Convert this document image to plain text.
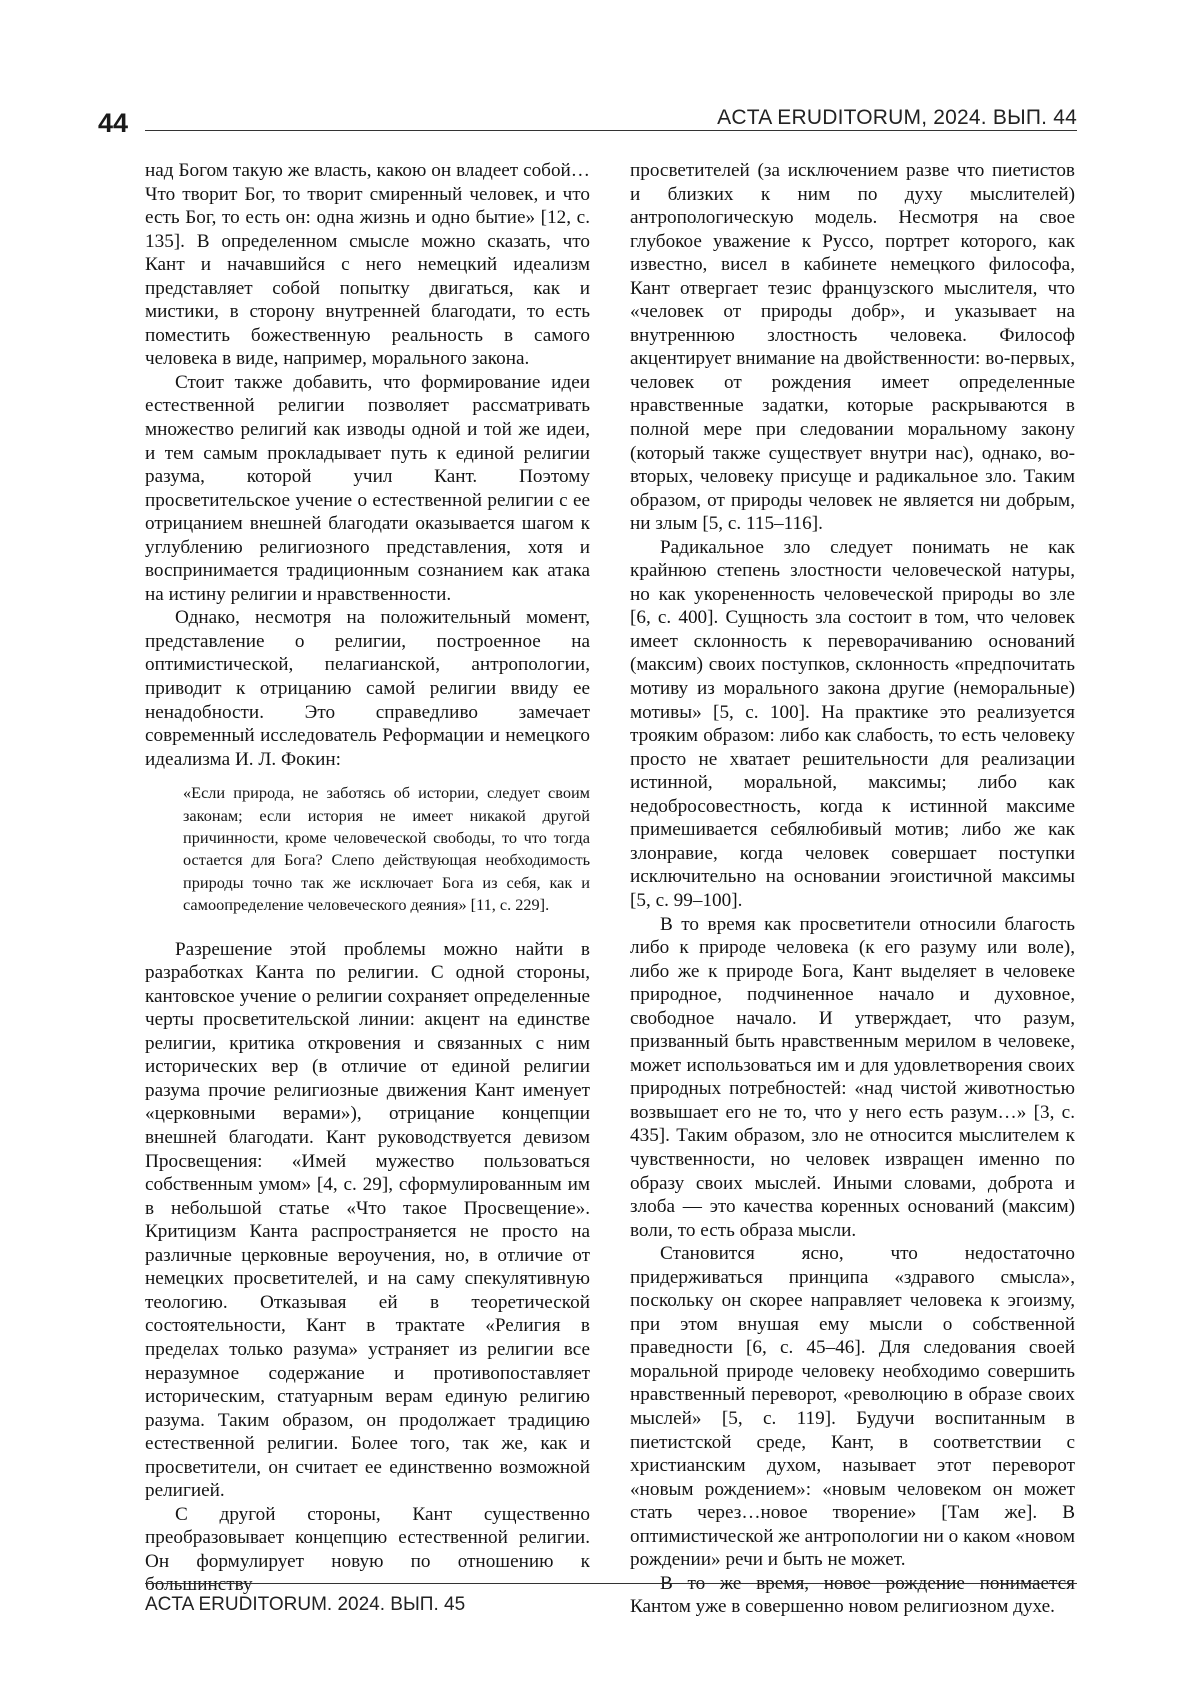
44	ACTA ERUDITORUM, 2024. ВЫП. 44

над Богом такую же власть, какою он владеет собой… Что творит Бог, то творит смиренный человек, и что есть Бог, то есть он: одна жизнь и одно бытие» [12, с. 135]. В определенном смысле можно сказать, что Кант и начавшийся с него немецкий идеализм представляет собой попытку двигаться, как и мистики, в сторону внутренней благодати, то есть поместить божественную реальность в самого человека в виде, например, морального закона.

Стоит также добавить, что формирование идеи естественной религии позволяет рассматривать множество религий как изводы одной и той же идеи, и тем самым прокладывает путь к единой религии разума, которой учил Кант. Поэтому просветительское учение о естественной религии с ее отрицанием внешней благодати оказывается шагом к углублению религиозного представления, хотя и воспринимается традиционным сознанием как атака на истину религии и нравственности.

Однако, несмотря на положительный момент, представление о религии, построенное на оптимистической, пелагианской, антропологии, приводит к отрицанию самой религии ввиду ее ненадобности. Это справедливо замечает современный исследователь Реформации и немецкого идеализма И. Л. Фокин:

«Если природа, не заботясь об истории, следует своим законам; если история не имеет никакой другой причинности, кроме человеческой свободы, то что тогда остается для Бога? Слепо действующая необходимость природы точно так же исключает Бога из себя, как и самоопределение человеческого деяния» [11, с. 229].

Разрешение этой проблемы можно найти в разработках Канта по религии. С одной стороны, кантовское учение о религии сохраняет определенные черты просветительской линии: акцент на единстве религии, критика откровения и связанных с ним исторических вер (в отличие от единой религии разума прочие религиозные движения Кант именует «церковными верами»), отрицание концепции внешней благодати. Кант руководствуется девизом Просвещения: «Имей мужество пользоваться собственным умом» [4, с. 29], сформулированным им в небольшой статье «Что такое Просвещение». Критицизм Канта распространяется не просто на различные церковные вероучения, но, в отличие от немецких просветителей, и на саму спекулятивную теологию. Отказывая ей в теоретической состоятельности, Кант в трактате «Религия в пределах только разума» устраняет из религии все неразумное содержание и противопоставляет историческим, статуарным верам единую религию разума. Таким образом, он продолжает традицию естественной религии. Более того, так же, как и просветители, он считает ее единственно возможной религией.

С другой стороны, Кант существенно преобразовывает концепцию естественной религии. Он формулирует новую по отношению к большинству

просветителей (за исключением разве что пиетистов и близких к ним по духу мыслителей) антропологическую модель. Несмотря на свое глубокое уважение к Руссо, портрет которого, как известно, висел в кабинете немецкого философа, Кант отвергает тезис французского мыслителя, что «человек от природы добр», и указывает на внутреннюю злостность человека. Философ акцентирует внимание на двойственности: во-первых, человек от рождения имеет определенные нравственные задатки, которые раскрываются в полной мере при следовании моральному закону (который также существует внутри нас), однако, во-вторых, человеку присуще и радикальное зло. Таким образом, от природы человек не является ни добрым, ни злым [5, с. 115–116].

Радикальное зло следует понимать не как крайнюю степень злостности человеческой натуры, но как укорененность человеческой природы во зле [6, с. 400]. Сущность зла состоит в том, что человек имеет склонность к переворачиванию оснований (максим) своих поступков, склонность «предпочитать мотиву из морального закона другие (неморальные) мотивы» [5, с. 100]. На практике это реализуется трояким образом: либо как слабость, то есть человеку просто не хватает решительности для реализации истинной, моральной, максимы; либо как недобросовестность, когда к истинной максиме примешивается себялюбивый мотив; либо же как злонравие, когда человек совершает поступки исключительно на основании эгоистичной максимы [5, с. 99–100].

В то время как просветители относили благость либо к природе человека (к его разуму или воле), либо же к природе Бога, Кант выделяет в человеке природное, подчиненное начало и духовное, свободное начало. И утверждает, что разум, призванный быть нравственным мерилом в человеке, может использоваться им и для удовлетворения своих природных потребностей: «над чистой животностью возвышает его не то, что у него есть разум…» [3, с. 435]. Таким образом, зло не относится мыслителем к чувственности, но человек извращен именно по образу своих мыслей. Иными словами, доброта и злоба — это качества коренных оснований (максим) воли, то есть образа мысли.

Становится ясно, что недостаточно придерживаться принципа «здравого смысла», поскольку он скорее направляет человека к эгоизму, при этом внушая ему мысли о собственной праведности [6, с. 45–46]. Для следования своей моральной природе человеку необходимо совершить нравственный переворот, «революцию в образе своих мыслей» [5, с. 119]. Будучи воспитанным в пиетистской среде, Кант, в соответствии с христианским духом, называет этот переворот «новым рождением»: «новым человеком он может стать через…новое творение» [Там же]. В оптимистической же антропологии ни о каком «новом рождении» речи и быть не может.

В то же время, новое рождение понимается Кантом уже в совершенно новом религиозном духе.

ACTA ERUDITORUM. 2024. ВЫП. 45
